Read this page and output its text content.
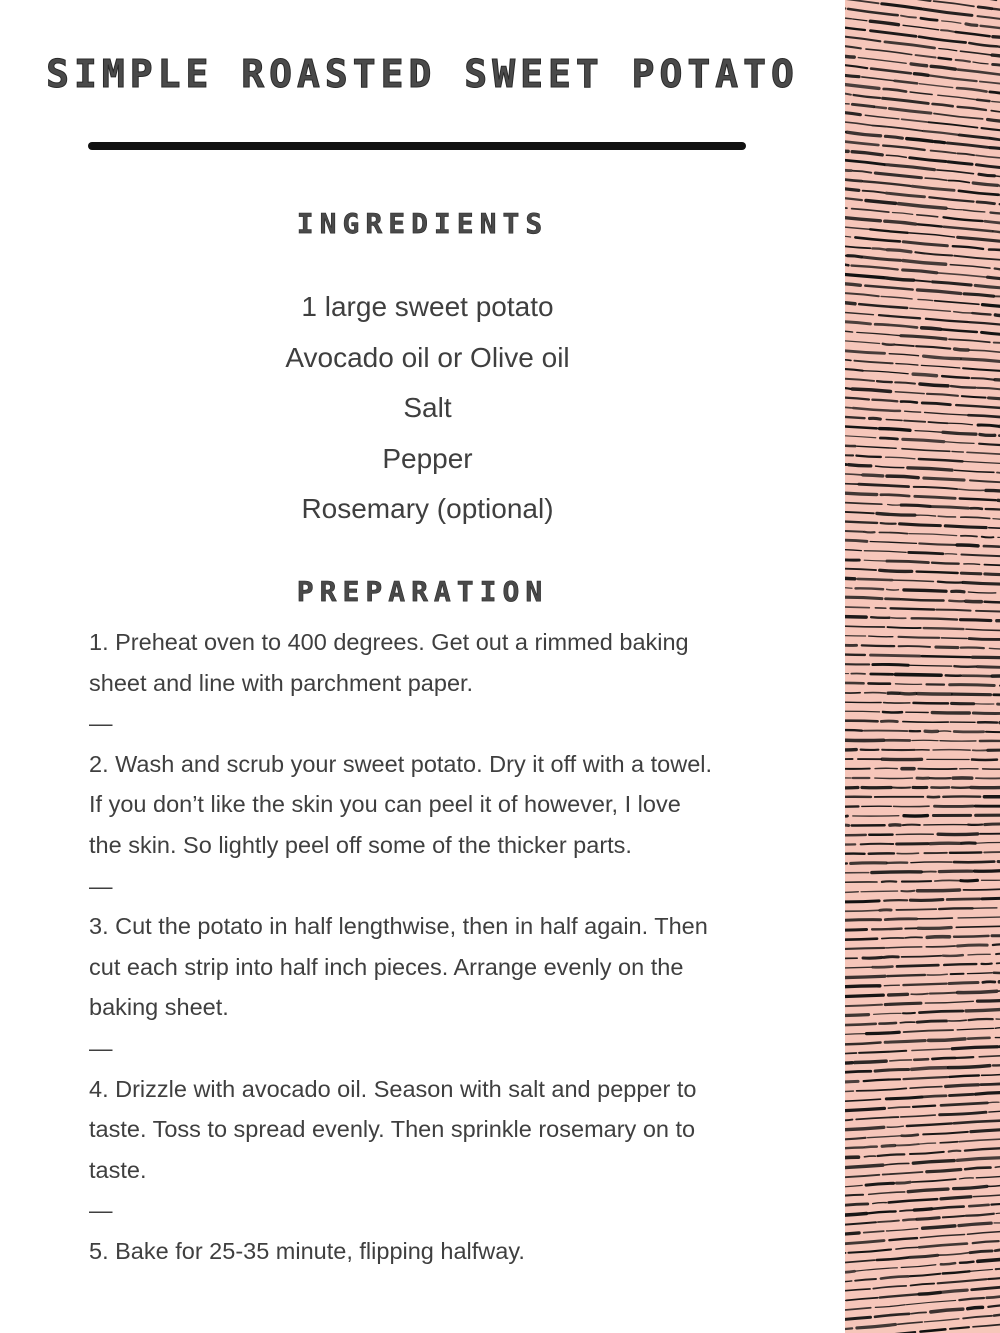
SIMPLE ROASTED SWEET POTATO
INGREDIENTS
1 large sweet potato
Avocado oil or Olive oil
Salt
Pepper
Rosemary (optional)
PREPARATION
1. Preheat oven to 400 degrees. Get out a rimmed baking
sheet and line with parchment paper.
—
2. Wash and scrub your sweet potato. Dry it off with a towel.
If you don’t like the skin you can peel it of however, I love
the skin. So lightly peel off some of the thicker parts.
—
3. Cut the potato in half lengthwise, then in half again. Then
cut each strip into half inch pieces. Arrange evenly on the
baking sheet.
—
4. Drizzle with avocado oil. Season with salt and pepper to
taste. Toss to spread evenly. Then sprinkle rosemary on to
taste.
—
5. Bake for 25-35 minute, flipping halfway.
